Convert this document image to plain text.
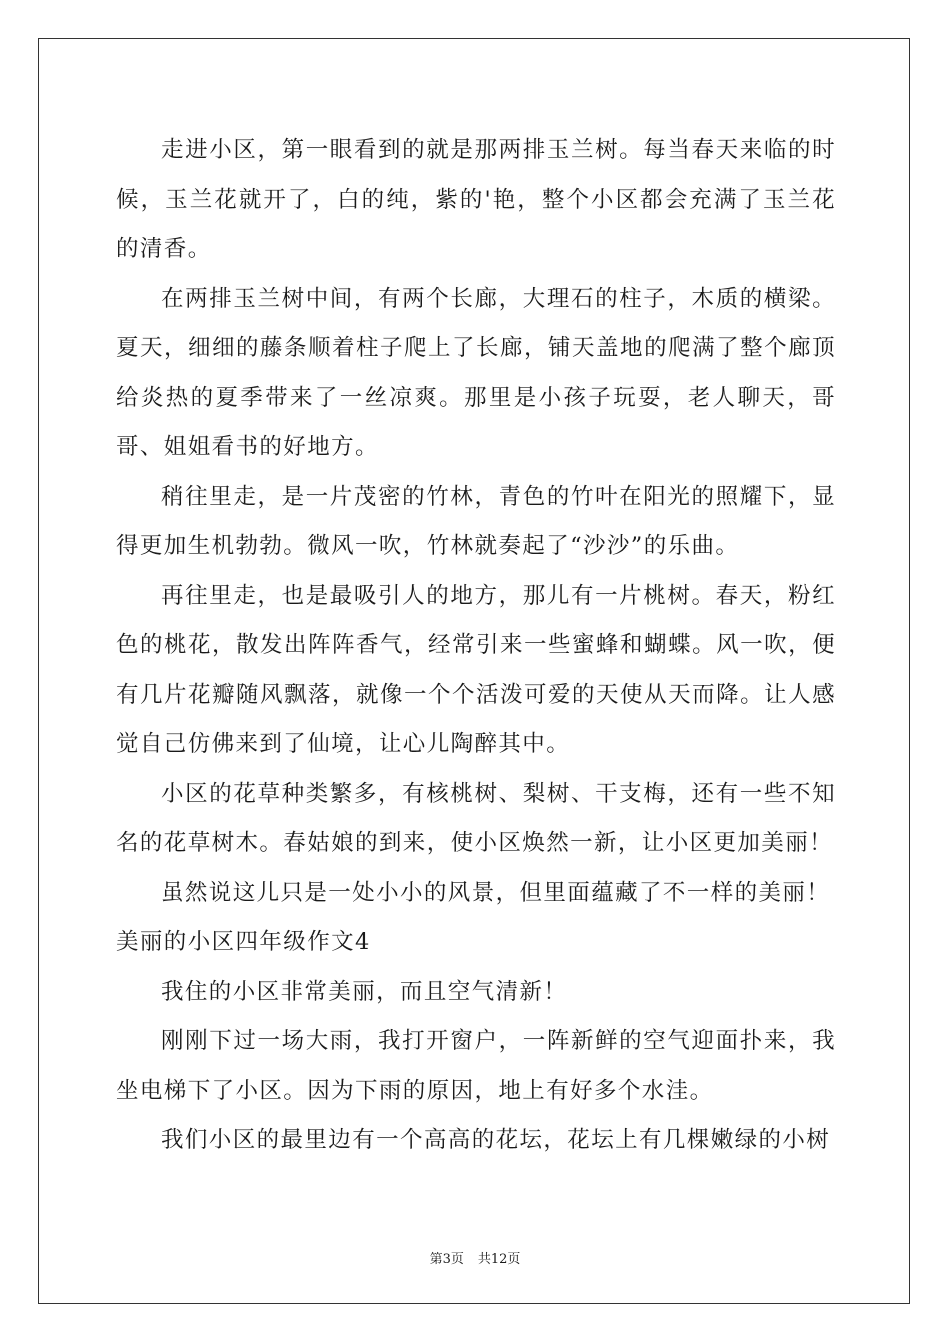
走进小区，第一眼看到的就是那两排玉兰树。每当春天来临的时候，玉兰花就开了，白的纯，紫的'艳，整个小区都会充满了玉兰花的清香。

在两排玉兰树中间，有两个长廊，大理石的柱子，木质的横梁。夏天，细细的藤条顺着柱子爬上了长廊，铺天盖地的爬满了整个廊顶给炎热的夏季带来了一丝凉爽。那里是小孩子玩耍，老人聊天，哥哥、姐姐看书的好地方。

稍往里走，是一片茂密的竹林，青色的竹叶在阳光的照耀下，显得更加生机勃勃。微风一吹，竹林就奏起了“沙沙”的乐曲。

再往里走，也是最吸引人的地方，那儿有一片桃树。春天，粉红色的桃花，散发出阵阵香气，经常引来一些蜜蜂和蝴蝶。风一吹，便有几片花瓣随风飘落，就像一个个活泼可爱的天使从天而降。让人感觉自己仿佛来到了仙境，让心儿陶醉其中。

小区的花草种类繁多，有核桃树、梨树、干支梅，还有一些不知名的花草树木。春姑娘的到来，使小区焕然一新，让小区更加美丽！

虽然说这儿只是一处小小的风景，但里面蕴藏了不一样的美丽！

美丽的小区四年级作文4

我住的小区非常美丽，而且空气清新！

刚刚下过一场大雨，我打开窗户，一阵新鲜的空气迎面扑来，我坐电梯下了小区。因为下雨的原因，地上有好多个水洼。

我们小区的最里边有一个高高的花坛，花坛上有几棵嫩绿的小树

第3页 共12页
